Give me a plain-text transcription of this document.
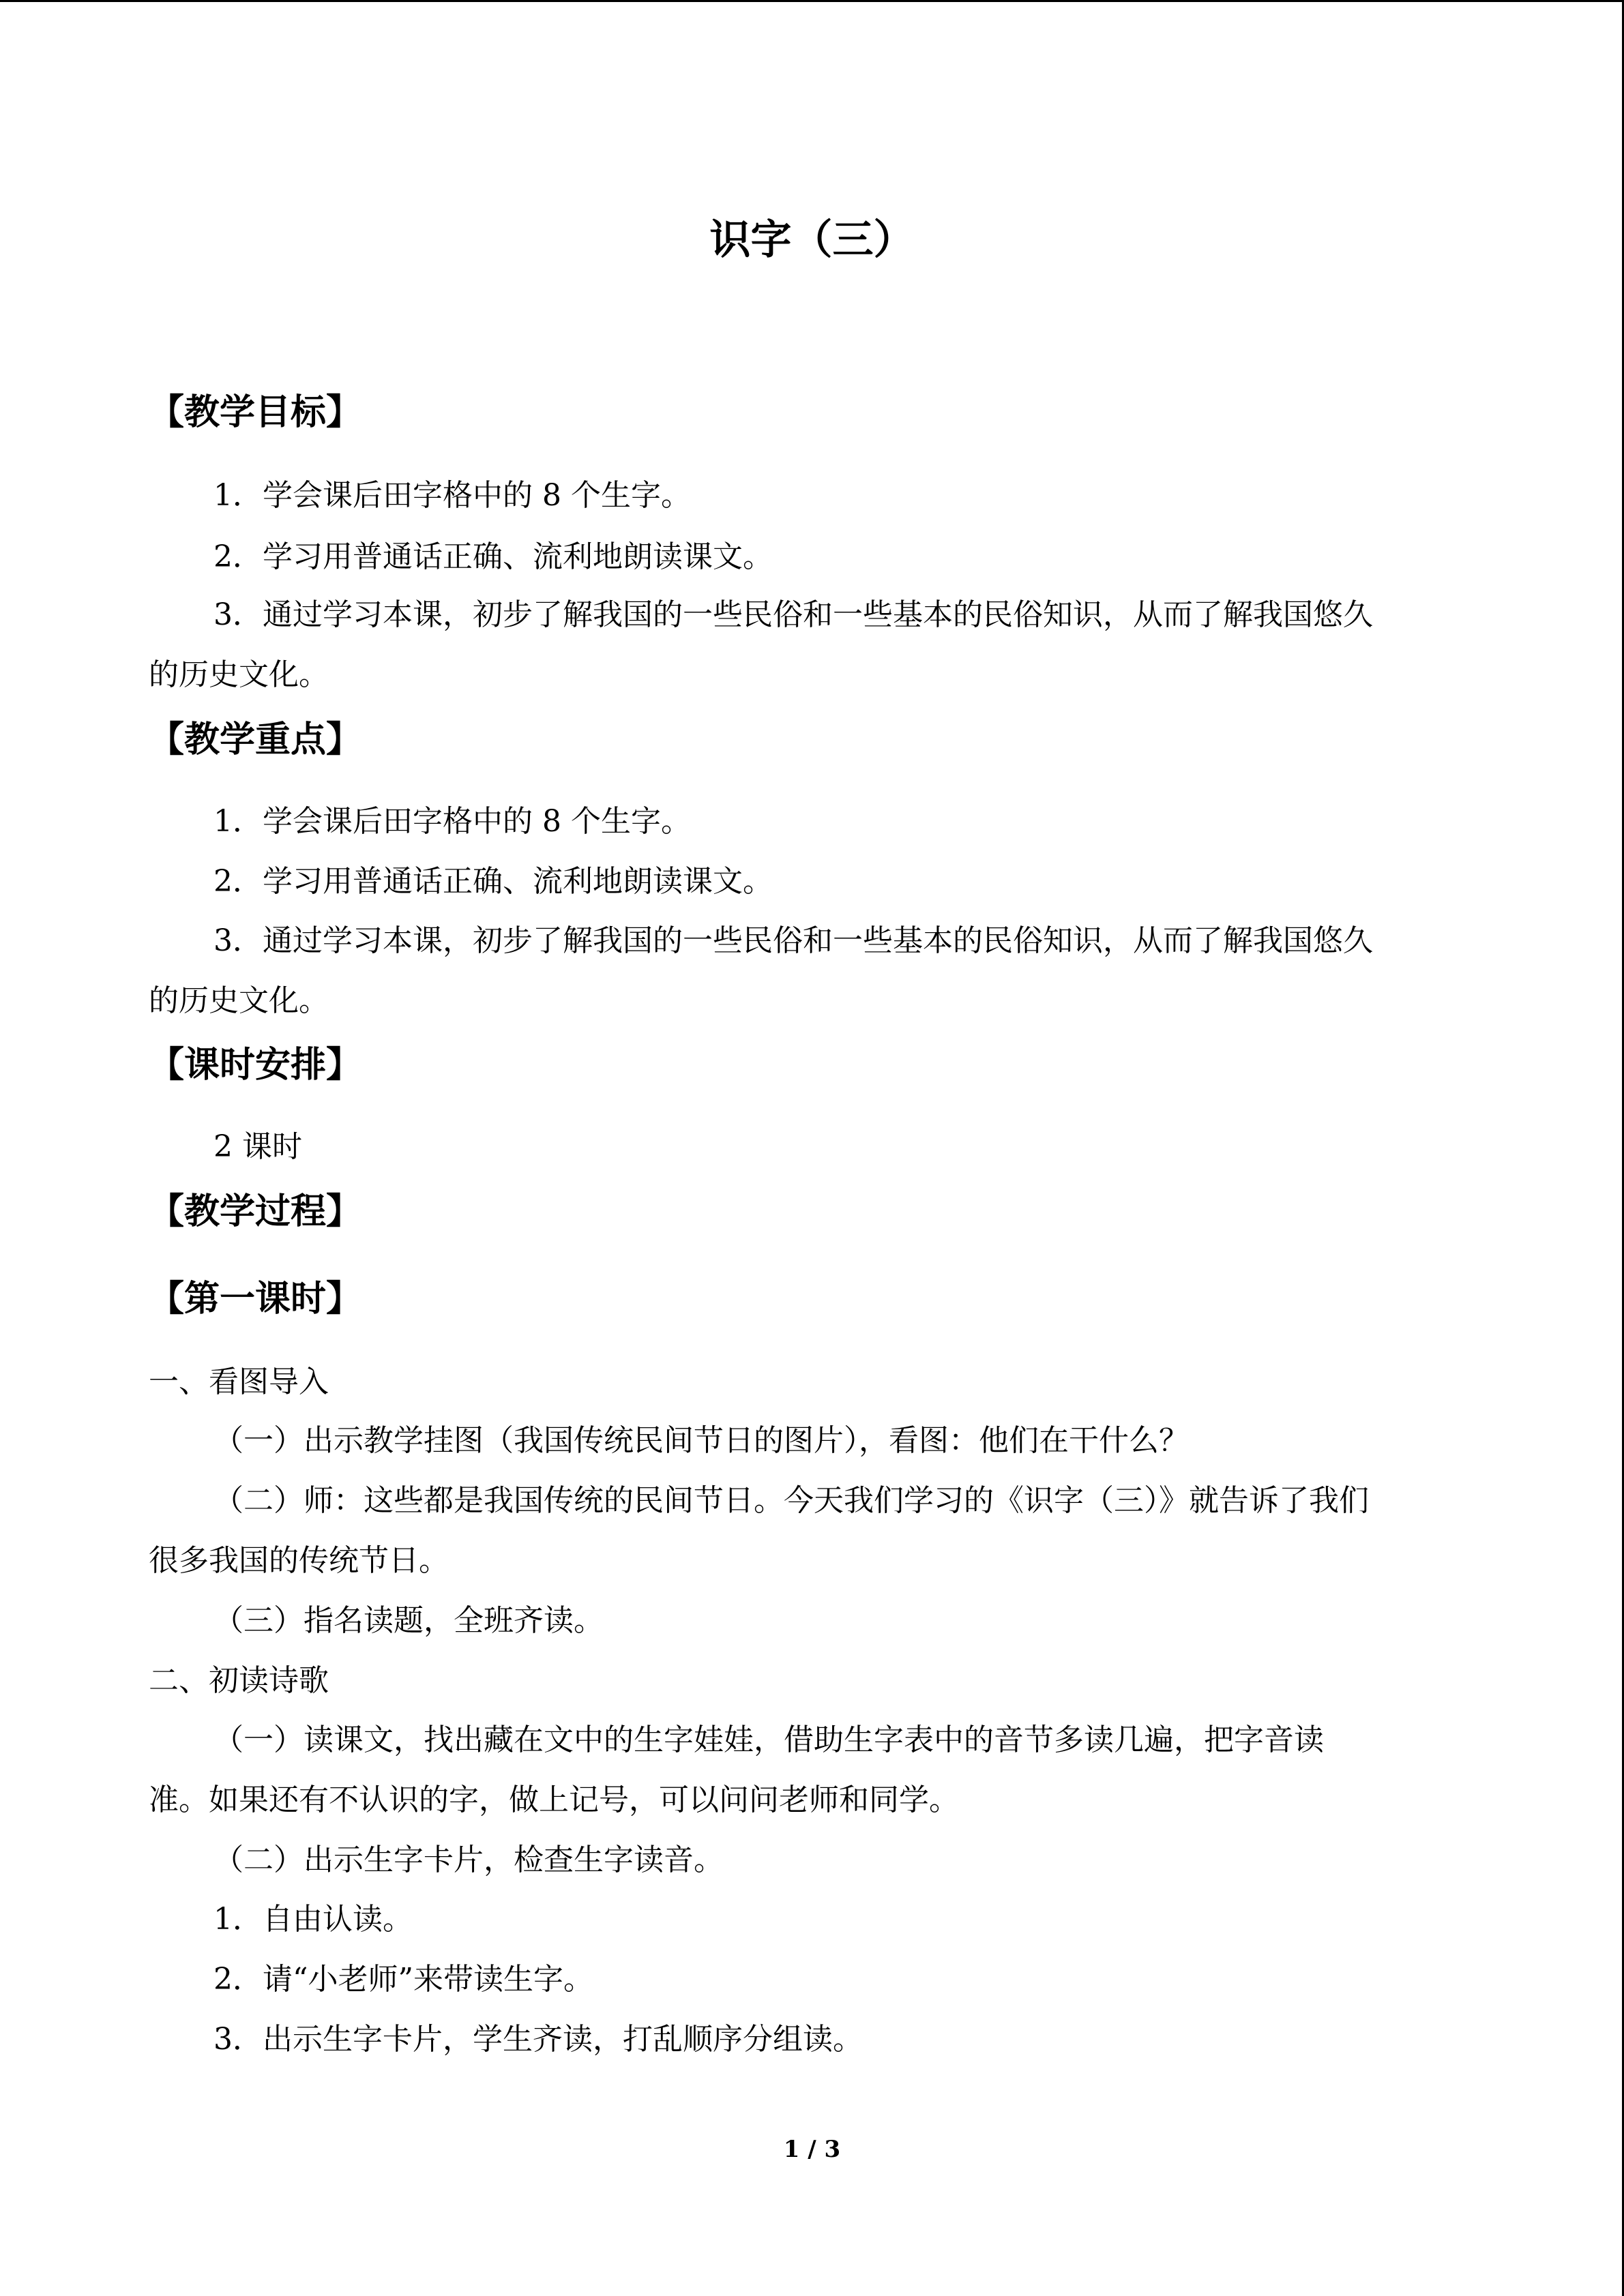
识字（三）
【教学目标】
1．学会课后田字格中的 8 个生字。
2．学习用普通话正确、流利地朗读课文。
3．通过学习本课，初步了解我国的一些民俗和一些基本的民俗知识，从而了解我国悠久
的历史文化。
【教学重点】
1．学会课后田字格中的 8 个生字。
2．学习用普通话正确、流利地朗读课文。
3．通过学习本课，初步了解我国的一些民俗和一些基本的民俗知识，从而了解我国悠久
的历史文化。
【课时安排】
2 课时
【教学过程】
【第一课时】
一、看图导入
（一）出示教学挂图（我国传统民间节日的图片），看图：他们在干什么？
（二）师：这些都是我国传统的民间节日。今天我们学习的《识字（三）》就告诉了我们
很多我国的传统节日。
（三）指名读题，全班齐读。
二、初读诗歌
（一）读课文，找出藏在文中的生字娃娃，借助生字表中的音节多读几遍，把字音读
准。如果还有不认识的字，做上记号，可以问问老师和同学。
（二）出示生字卡片，检查生字读音。
1．自由认读。
2．请“小老师”来带读生字。
3．出示生字卡片，学生齐读，打乱顺序分组读。
1 / 3
